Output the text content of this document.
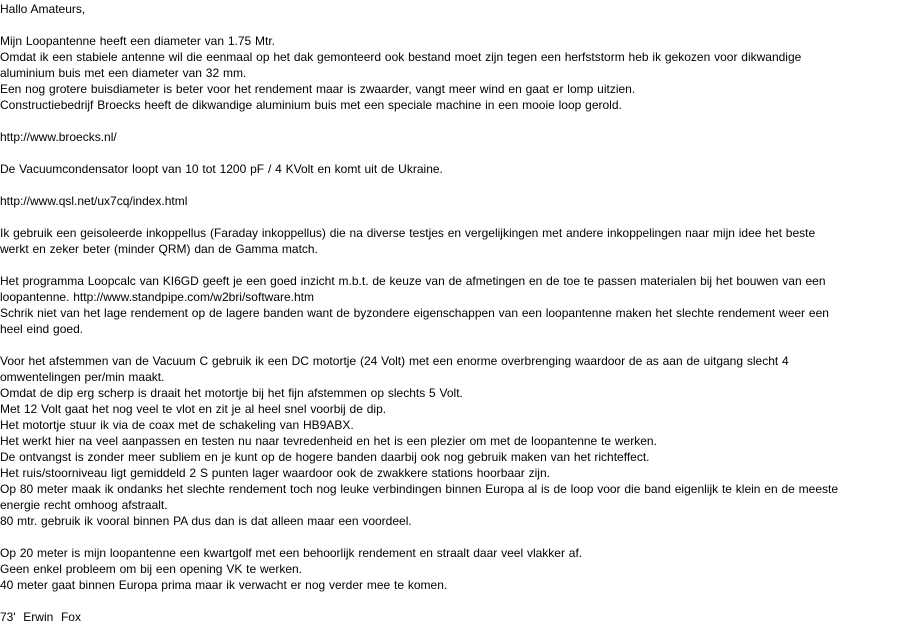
Hallo Amateurs,
Mijn Loopantenne heeft een diameter van 1.75 Mtr.
Omdat ik een stabiele antenne wil die eenmaal op het dak gemonteerd ook bestand moet zijn tegen een herfststorm heb ik gekozen voor dikwandige
aluminium buis met een diameter van 32 mm.
Een nog grotere buisdiameter is beter voor het rendement maar is zwaarder, vangt meer wind en gaat er lomp uitzien.
Constructiebedrijf Broecks heeft de dikwandige aluminium buis met een speciale machine in een mooie loop gerold.
http://www.broecks.nl/
De Vacuumcondensator loopt van 10 tot 1200 pF / 4 KVolt en komt uit de Ukraine.
http://www.qsl.net/ux7cq/index.html
Ik gebruik een geisoleerde inkoppellus (Faraday inkoppellus) die na diverse testjes en vergelijkingen met andere inkoppelingen naar mijn idee het beste
werkt en zeker beter (minder QRM) dan de Gamma match.
Het programma Loopcalc van KI6GD geeft je een goed inzicht m.b.t. de keuze van de afmetingen en de toe te passen materialen bij het bouwen van een
loopantenne. http://www.standpipe.com/w2bri/software.htm
Schrik niet van het lage rendement op de lagere banden want de byzondere eigenschappen van een loopantenne maken het slechte rendement weer een
heel eind goed.
Voor het afstemmen van de Vacuum C gebruik ik een DC motortje (24 Volt) met een enorme overbrenging waardoor de as aan de uitgang slecht 4
omwentelingen per/min maakt.
Omdat de dip erg scherp is draait het motortje bij het fijn afstemmen op slechts 5 Volt.
Met 12 Volt gaat het nog veel te vlot en zit je al heel snel voorbij de dip.
Het motortje stuur ik via de coax met de schakeling van HB9ABX.
Het werkt hier na veel aanpassen en testen nu naar tevredenheid en het is een plezier om met de loopantenne te werken.
De ontvangst is zonder meer subliem en je kunt op de hogere banden daarbij ook nog gebruik maken van het richteffect.
Het ruis/stoorniveau ligt gemiddeld 2 S punten lager waardoor ook de zwakkere stations hoorbaar zijn.
Op 80 meter maak ik ondanks het slechte rendement toch nog leuke verbindingen binnen Europa al is de loop voor die band eigenlijk te klein en de meeste
energie recht omhoog afstraalt.
80 mtr. gebruik ik vooral binnen PA dus dan is dat alleen maar een voordeel.
Op 20 meter is mijn loopantenne een kwartgolf met een behoorlijk rendement en straalt daar veel vlakker af.
Geen enkel probleem om bij een opening VK te werken.
40 meter gaat binnen Europa prima maar ik verwacht er nog verder mee te komen.
73'  Erwin  Fox
